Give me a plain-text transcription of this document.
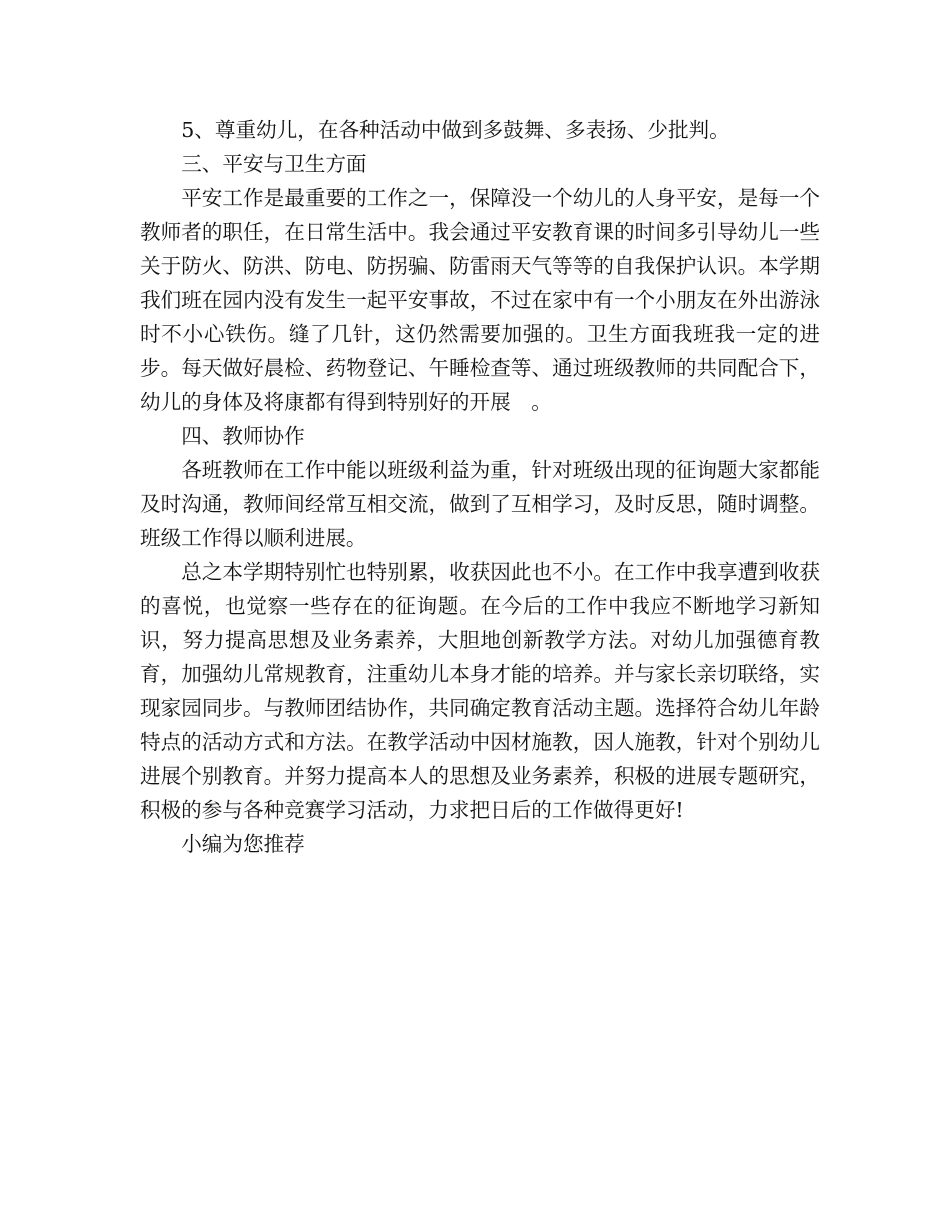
5、尊重幼儿，在各种活动中做到多鼓舞、多表扬、少批判。

三、平安与卫生方面

平安工作是最重要的工作之一，保障没一个幼儿的人身平安，是每一个教师者的职任，在日常生活中。我会通过平安教育课的时间多引导幼儿一些关于防火、防洪、防电、防拐骗、防雷雨天气等等的自我保护认识。本学期我们班在园内没有发生一起平安事故，不过在家中有一个小朋友在外出游泳时不小心铁伤。缝了几针，这仍然需要加强的。卫生方面我班我一定的进步。每天做好晨检、药物登记、午睡检查等、通过班级教师的共同配合下，幼儿的身体及将康都有得到特别好的开展　。

四、教师协作

各班教师在工作中能以班级利益为重，针对班级出现的征询题大家都能及时沟通，教师间经常互相交流，做到了互相学习，及时反思，随时调整。班级工作得以顺利进展。

总之本学期特别忙也特别累，收获因此也不小。在工作中我享遭到收获的喜悦，也觉察一些存在的征询题。在今后的工作中我应不断地学习新知识，努力提高思想及业务素养，大胆地创新教学方法。对幼儿加强德育教育，加强幼儿常规教育，注重幼儿本身才能的培养。并与家长亲切联络，实现家园同步。与教师团结协作，共同确定教育活动主题。选择符合幼儿年龄特点的活动方式和方法。在教学活动中因材施教，因人施教，针对个别幼儿进展个别教育。并努力提高本人的思想及业务素养，积极的进展专题研究，积极的参与各种竞赛学习活动，力求把日后的工作做得更好!

小编为您推荐
